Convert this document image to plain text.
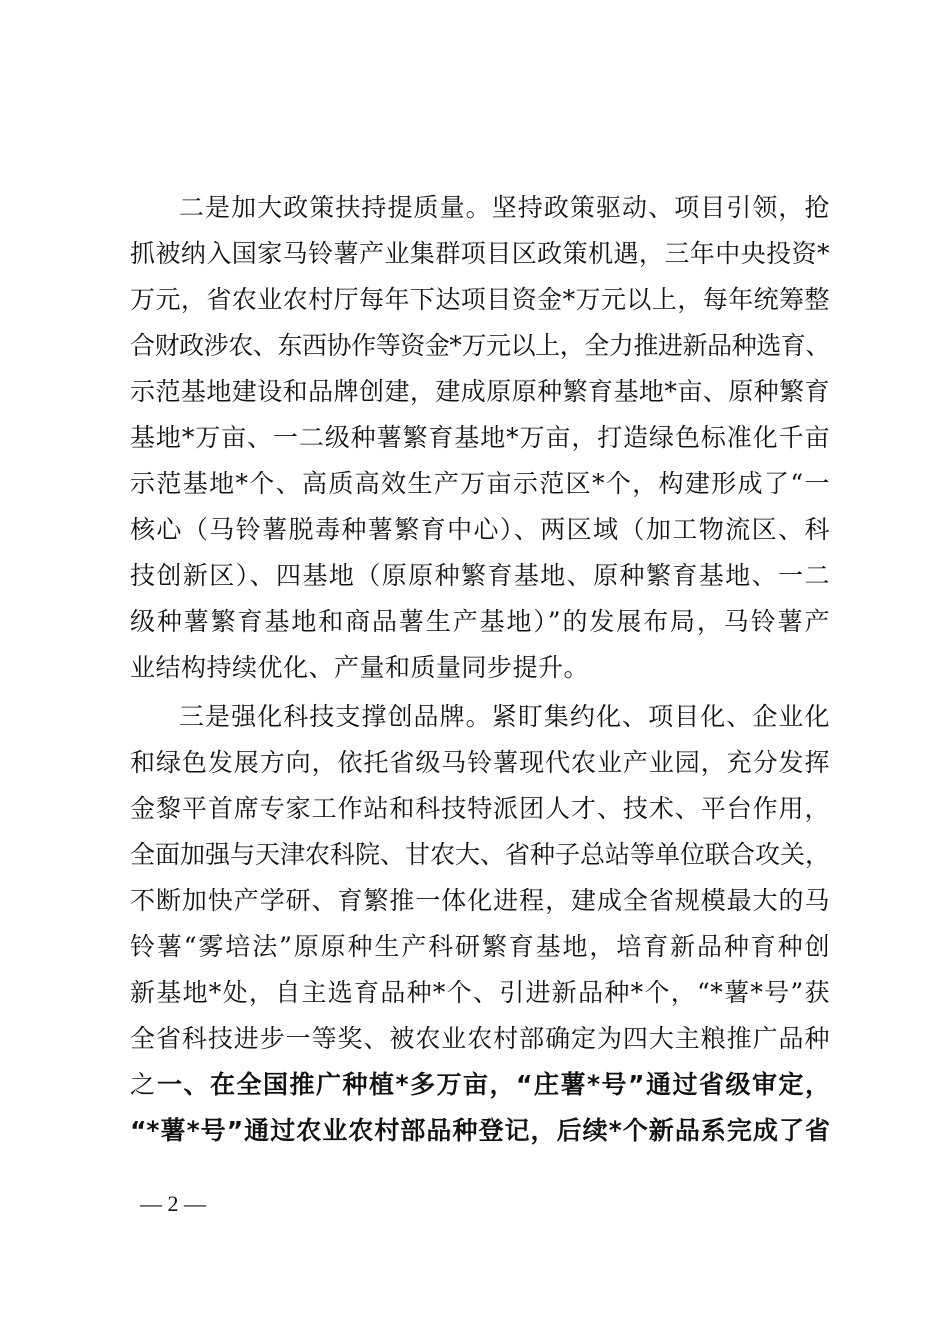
二是加大政策扶持提质量。坚持政策驱动、项目引领，抢
抓被纳入国家马铃薯产业集群项目区政策机遇，三年中央投资*
万元，省农业农村厅每年下达项目资金*万元以上，每年统筹整
合财政涉农、东西协作等资金*万元以上，全力推进新品种选育、
示范基地建设和品牌创建，建成原原种繁育基地*亩、原种繁育
基地*万亩、一二级种薯繁育基地*万亩，打造绿色标准化千亩
示范基地*个、高质高效生产万亩示范区*个，构建形成了“一
核心（马铃薯脱毒种薯繁育中心）、两区域（加工物流区、科
技创新区）、四基地（原原种繁育基地、原种繁育基地、一二
级种薯繁育基地和商品薯生产基地）”的发展布局，马铃薯产
业结构持续优化、产量和质量同步提升。
三是强化科技支撑创品牌。紧盯集约化、项目化、企业化
和绿色发展方向，依托省级马铃薯现代农业产业园，充分发挥
金黎平首席专家工作站和科技特派团人才、技术、平台作用，
全面加强与天津农科院、甘农大、省种子总站等单位联合攻关，
不断加快产学研、育繁推一体化进程，建成全省规模最大的马
铃薯“雾培法”原原种生产科研繁育基地，培育新品种育种创
新基地*处，自主选育品种*个、引进新品种*个，“*薯*号”获
全省科技进步一等奖、被农业农村部确定为四大主粮推广品种
之一、在全国推广种植*多万亩，“庄薯*号”通过省级审定，
“*薯*号”通过农业农村部品种登记，后续*个新品系完成了省
— 2 —
